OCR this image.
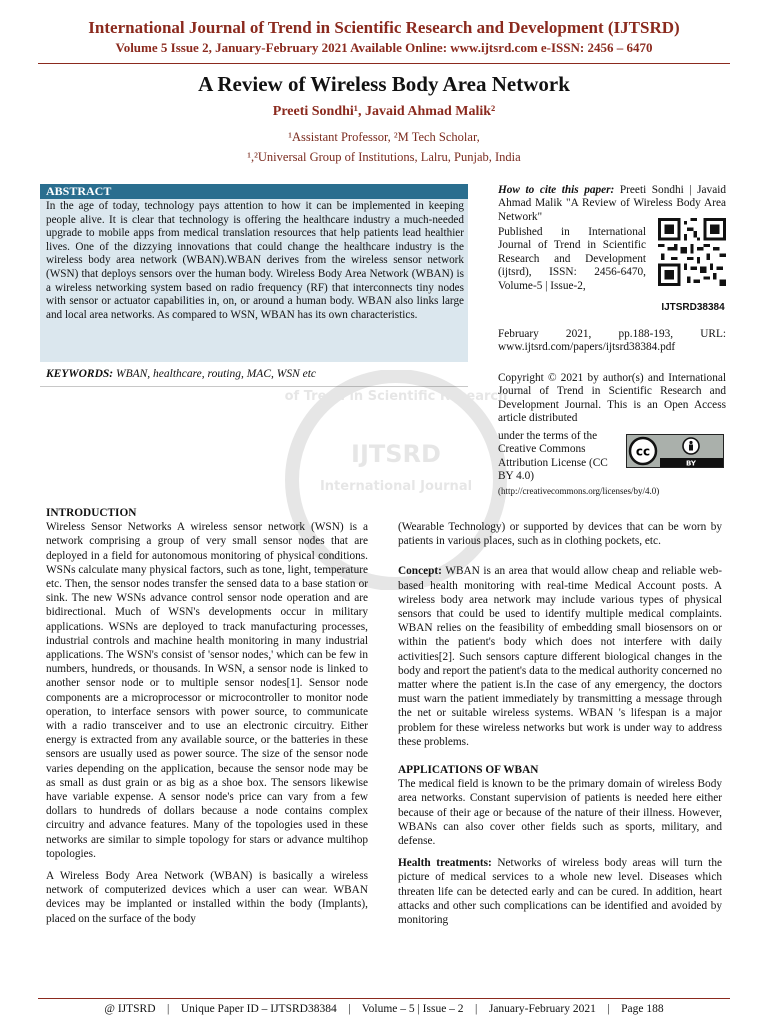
International Journal of Trend in Scientific Research and Development (IJTSRD)
Volume 5 Issue 2, January-February 2021 Available Online: www.ijtsrd.com e-ISSN: 2456 – 6470
A Review of Wireless Body Area Network
Preeti Sondhi¹, Javaid Ahmad Malik²
¹Assistant Professor, ²M Tech Scholar,
¹,²Universal Group of Institutions, Lalru, Punjab, India
ABSTRACT
In the age of today, technology pays attention to how it can be implemented in keeping people alive. It is clear that technology is offering the healthcare industry a much-needed upgrade to mobile apps from medical translation resources that help patients lead healthier lives. One of the dizzying innovations that could change the healthcare industry is the wireless body area network (WBAN).WBAN derives from the wireless sensor network (WSN) that deploys sensors over the human body. Wireless Body Area Network (WBAN) is a wireless networking system based on radio frequency (RF) that interconnects tiny nodes with sensor or actuator capabilities in, on, or around a human body. WBAN also links large and local area networks. As compared to WSN, WBAN has its own characteristics.
KEYWORDS: WBAN, healthcare, routing, MAC, WSN etc
How to cite this paper: Preeti Sondhi | Javaid Ahmad Malik "A Review of Wireless Body Area Network"
Published in International Journal of Trend in Scientific Research and Development (ijtsrd), ISSN: 2456-6470, Volume-5 | Issue-2,
February 2021, pp.188-193, URL: www.ijtsrd.com/papers/ijtsrd38384.pdf
IJTSRD38384
Copyright © 2021 by author(s) and International Journal of Trend in Scientific Research and Development Journal. This is an Open Access article distributed
under the terms of the Creative Commons Attribution License (CC BY 4.0)
cc
BY
(http://creativecommons.org/licenses/by/4.0)
IJTSRD
International Journal
of Trend in Scientific Research
INTRODUCTION

Wireless Sensor Networks A wireless sensor network (WSN) is a network comprising a group of very small sensor nodes that are deployed in a field for autonomous monitoring of physical conditions. WSNs calculate many physical factors, such as tone, light, temperature etc. Then, the sensor nodes transfer the sensed data to a base station or sink. The new WSNs advance control sensor node operation and are bidirectional. Much of WSN's developments occur in military applications. WSNs are deployed to track manufacturing processes, industrial controls and machine health monitoring in many industrial applications. The WSN's consist of 'sensor nodes,' which can be few in numbers, hundreds, or thousands. In WSN, a sensor node is linked to another sensor node or to multiple sensor nodes[1]. Sensor node components are a microprocessor or microcontroller to monitor node operation, to interface sensors with power source, to communicate with a radio transceiver and to use an electronic circuitry. Either energy is extracted from any available source, or the batteries in these sensors are usually used as power source. The size of the sensor node varies depending on the application, because the sensor node may be as small as dust grain or as big as a shoe box. The sensors likewise have variable expense. A sensor node's price can vary from a few dollars to hundreds of dollars because a node contains complex circuitry and advance features. Many of the topologies used in these networks are similar to simple topology for stars or advance multihop topologies.

A Wireless Body Area Network (WBAN) is basically a wireless network of computerized devices which a user can wear. WBAN devices may be implanted or installed within the body (Implants), placed on the surface of the body

(Wearable Technology) or supported by devices that can be worn by patients in various places, such as in clothing pockets, etc.

Concept: WBAN is an area that would allow cheap and reliable web-based health monitoring with real-time Medical Account posts. A wireless body area network may include various types of physical sensors that could be used to identify multiple medical complaints. WBAN relies on the feasibility of embedding small biosensors on or within the patient's body which does not interfere with daily activities[2]. Such sensors capture different biological changes in the body and report the patient's data to the medical authority concerned no matter where the patient is.In the case of any emergency, the doctors must warn the patient immediately by transmitting a message through the net or suitable wireless systems. WBAN 's lifespan is a major problem for these wireless networks but work is under way to address these problems.

APPLICATIONS OF WBAN

The medical field is known to be the primary domain of wireless Body area networks. Constant supervision of patients is needed here either because of their age or because of the nature of their illness. However, WBANs can also cover other fields such as sports, military, and defense.

Health treatments: Networks of wireless body areas will turn the picture of medical services to a whole new level. Diseases which threaten life can be detected early and can be cured. In addition, heart attacks and other such complications can be identified and avoided by monitoring

@ IJTSRD    |    Unique Paper ID – IJTSRD38384    |    Volume – 5 | Issue – 2    |    January-February 2021    |    Page 188
